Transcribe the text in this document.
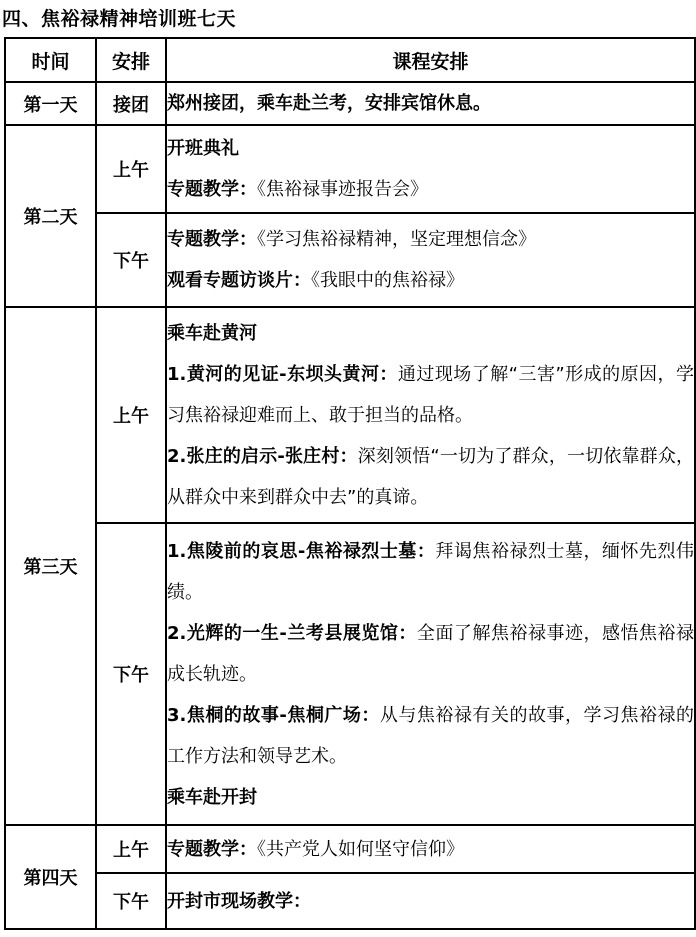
四、焦裕禄精神培训班七天
时间	安排	课程安排
第一天	接团	郑州接团，乘车赴兰考，安排宾馆休息。
第二天	上午	开班典礼
专题教学：《焦裕禄事迹报告会》

	下午	专题教学：《学习焦裕禄精神，坚定理想信念》
观看专题访谈片：《我眼中的焦裕禄》

第三天	上午	乘车赴黄河
1.黄河的见证-东坝头黄河：通过现场了解“三害”形成的原因，学习焦裕禄迎难而上、敢于担当的品格。
2.张庄的启示-张庄村：深刻领悟“一切为了群众，一切依靠群众，从群众中来到群众中去”的真谛。

	下午	1.焦陵前的哀思-焦裕禄烈士墓：拜谒焦裕禄烈士墓，缅怀先烈伟绩。
2.光辉的一生-兰考县展览馆：全面了解焦裕禄事迹，感悟焦裕禄成长轨迹。
3.焦桐的故事-焦桐广场：从与焦裕禄有关的故事，学习焦裕禄的工作方法和领导艺术。
乘车赴开封

第四天	上午	专题教学：《共产党人如何坚守信仰》
	下午	开封市现场教学：
